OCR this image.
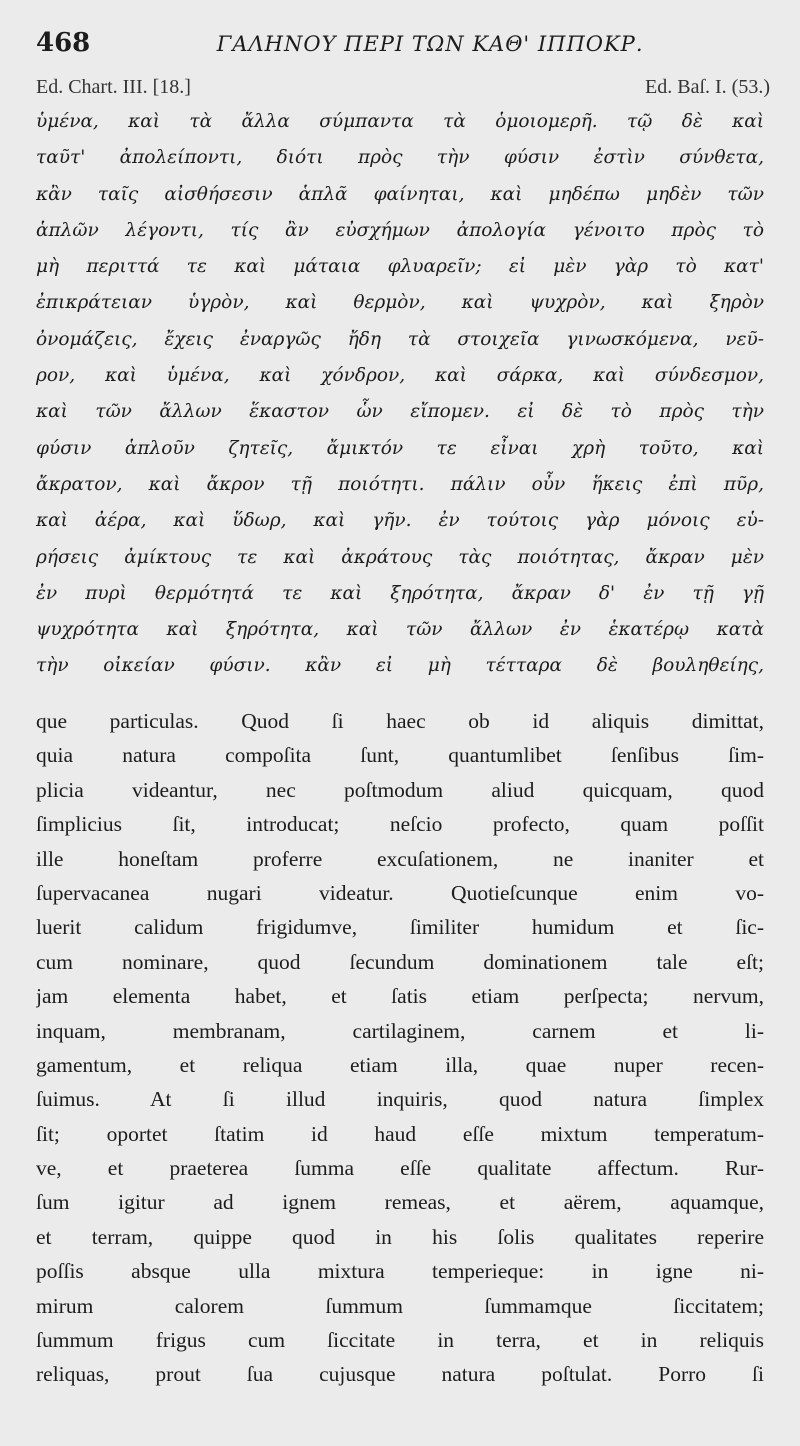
468	ΓΑΛΗΝΟΥ ΠΕΡΙ ΤΩΝ ΚΑΘ' ΙΠΠΟΚΡ.
Ed. Chart. III. [18.]	Ed. Baſ. I. (53.)
ὑμένα, καὶ τὰ ἄλλα σύμπαντα τὰ ὁμοιομερῆ. τῷ δὲ καὶ
ταῦτ' ἀπολείποντι, διότι πρὸς τὴν φύσιν ἐστὶν σύνθετα,
κἂν ταῖς αἰσθήσεσιν ἁπλᾶ φαίνηται, καὶ μηδέπω μηδὲν τῶν
ἁπλῶν λέγοντι, τίς ἂν εὐσχήμων ἀπολογία γένοιτο πρὸς τὸ
μὴ περιττά τε καὶ μάταια φλυαρεῖν; εἰ μὲν γὰρ τὸ κατ'
ἐπικράτειαν ὑγρὸν, καὶ θερμὸν, καὶ ψυχρὸν, καὶ ξηρὸν
ὀνομάζεις, ἔχεις ἐναργῶς ἤδη τὰ στοιχεῖα γινωσκόμενα, νεῦ-
ρον, καὶ ὑμένα, καὶ χόνδρον, καὶ σάρκα, καὶ σύνδεσμον,
καὶ τῶν ἄλλων ἕκαστον ὧν εἴπομεν. εἰ δὲ τὸ πρὸς τὴν
φύσιν ἁπλοῦν ζητεῖς, ἄμικτόν τε εἶναι χρὴ τοῦτο, καὶ
ἄκρατον, καὶ ἄκρον τῇ ποιότητι. πάλιν οὖν ἥκεις ἐπὶ πῦρ,
καὶ ἀέρα, καὶ ὕδωρ, καὶ γῆν. ἐν τούτοις γὰρ μόνοις εὑ-
ρήσεις ἀμίκτους τε καὶ ἀκράτους τὰς ποιότητας, ἄκραν μὲν
ἐν πυρὶ θερμότητά τε καὶ ξηρότητα, ἄκραν δ' ἐν τῇ γῇ
ψυχρότητα καὶ ξηρότητα, καὶ τῶν ἄλλων ἐν ἑκατέρῳ κατὰ
τὴν οἰκείαν φύσιν. κἂν εἰ μὴ τέτταρα δὲ βουληθείης,
que particulas. Quod ſi haec ob id aliquis dimittat,
quia natura compoſita ſunt, quantumlibet ſenſibus ſim-
plicia videantur, nec poſtmodum aliud quicquam, quod
ſimplicius ſit, introducat; neſcio profecto, quam poſſit
ille honeſtam proferre excuſationem, ne inaniter et
ſupervacanea nugari videatur. Quotieſcunque enim vo-
luerit calidum frigidumve, ſimiliter humidum et ſic-
cum nominare, quod ſecundum dominationem tale eſt;
jam elementa habet, et ſatis etiam perſpecta; nervum,
inquam, membranam, cartilaginem, carnem et li-
gamentum, et reliqua etiam illa, quae nuper recen-
ſuimus. At ſi illud inquiris, quod natura ſimplex
ſit; oportet ſtatim id haud eſſe mixtum temperatum-
ve, et praeterea ſumma eſſe qualitate affectum. Rur-
ſum igitur ad ignem remeas, et aërem, aquamque,
et terram, quippe quod in his ſolis qualitates reperire
poſſis absque ulla mixtura temperieque: in igne ni-
mirum calorem ſummum ſummamque ſiccitatem;
ſummum frigus cum ſiccitate in terra, et in reliquis
reliquas, prout ſua cujusque natura poſtulat. Porro ſi
